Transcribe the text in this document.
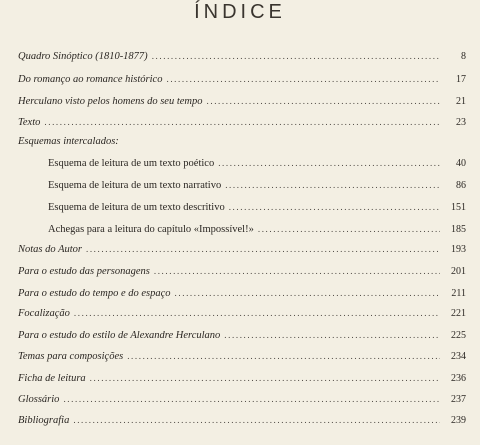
ÍNDICE
Quadro Sinóptico (1810-1877) .....	8
Do romanço ao romance histórico .....	17
Herculano visto pelos homens do seu tempo .....	21
Texto .....	23
Esquemas intercalados:
Esquema de leitura de um texto poético .....	40
Esquema de leitura de um texto narrativo .....	86
Esquema de leitura de um texto descritivo .....	151
Achegas para a leitura do capítulo «Impossível!» .....	185
Notas do Autor .....	193
Para o estudo das personagens .....	201
Para o estudo do tempo e do espaço .....	211
Focalização .....	221
Para o estudo do estilo de Alexandre Herculano .....	225
Temas para composições .....	234
Ficha de leitura .....	236
Glossário .....	237
Bibliografia .....	239
